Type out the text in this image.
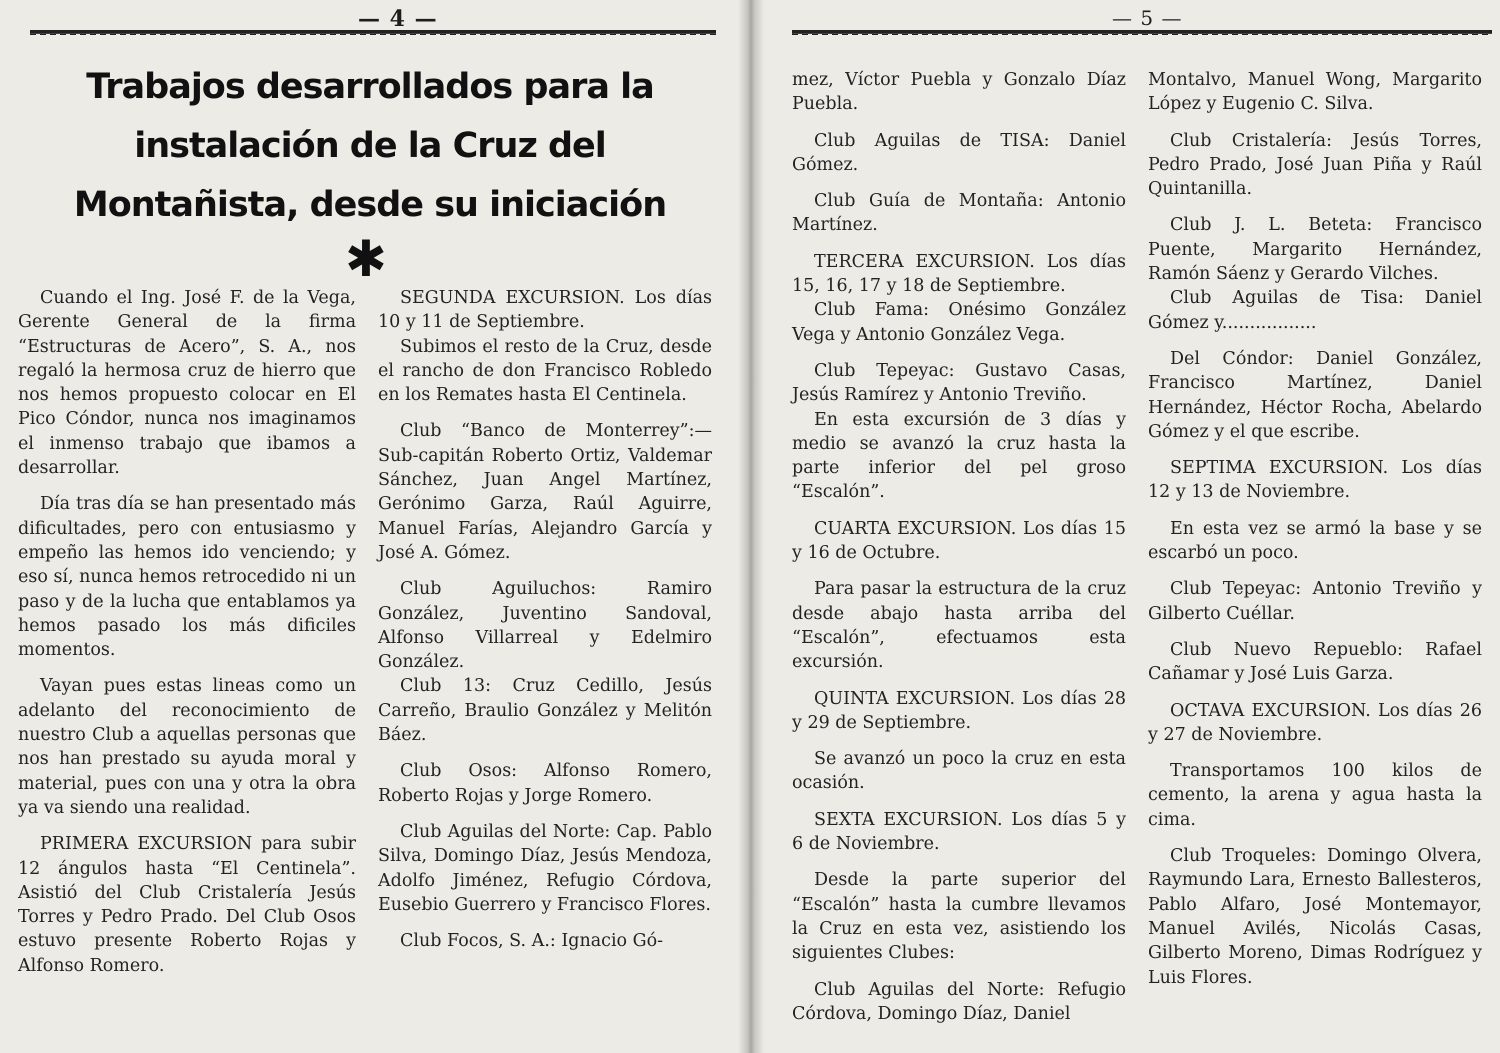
— 4 —
Trabajos desarrollados para la instalación de la Cruz del Montañista, desde su iniciación
✱

Cuando el Ing. José F. de la Vega, Gerente General de la firma “Estructuras de Acero”, S. A., nos regaló la hermosa cruz de hierro que nos hemos propuesto colocar en El Pico Cóndor, nunca nos imaginamos el inmenso trabajo que ibamos a desarrollar.

Día tras día se han presentado más dificultades, pero con entusiasmo y empeño las hemos ido venciendo; y eso sí, nunca hemos retrocedido ni un paso y de la lucha que entablamos ya hemos pasado los más dificiles momentos.

Vayan pues estas lineas como un adelanto del reconocimiento de nuestro Club a aquellas personas que nos han prestado su ayuda moral y material, pues con una y otra la obra ya va siendo una realidad.

PRIMERA EXCURSION para subir 12 ángulos hasta “El Centinela”. Asistió del Club Cristalería Jesús Torres y Pedro Prado. Del Club Osos estuvo presente Roberto Rojas y Alfonso Romero.

SEGUNDA EXCURSION. Los días 10 y 11 de Septiembre.

Subimos el resto de la Cruz, desde el rancho de don Francisco Robledo en los Remates hasta El Centinela.

Club “Banco de Monterrey”:— Sub-capitán Roberto Ortiz, Valdemar Sánchez, Juan Angel Martínez, Gerónimo Garza, Raúl Aguirre, Manuel Farías, Alejandro García y José A. Gómez.

Club Aguiluchos: Ramiro González, Juventino Sandoval, Alfonso Villarreal y Edelmiro González.

Club 13: Cruz Cedillo, Jesús Carreño, Braulio González y Melitón Báez.

Club Osos: Alfonso Romero, Roberto Rojas y Jorge Romero.

Club Aguilas del Norte: Cap. Pablo Silva, Domingo Díaz, Jesús Mendoza, Adolfo Jiménez, Refugio Córdova, Eusebio Guerrero y Francisco Flores.

Club Focos, S. A.: Ignacio Gó-

— 5 —

mez, Víctor Puebla y Gonzalo Díaz Puebla.

Club Aguilas de TISA: Daniel Gómez.

Club Guía de Montaña: Antonio Martínez.

TERCERA EXCURSION. Los días 15, 16, 17 y 18 de Septiembre.

Club Fama: Onésimo González Vega y Antonio González Vega.

Club Tepeyac: Gustavo Casas, Jesús Ramírez y Antonio Treviño.

En esta excursión de 3 días y medio se avanzó la cruz hasta la parte inferior del pel groso “Escalón”.

CUARTA EXCURSION. Los días 15 y 16 de Octubre.

Para pasar la estructura de la cruz desde abajo hasta arriba del “Escalón”, efectuamos esta excursión.

QUINTA EXCURSION. Los días 28 y 29 de Septiembre.

Se avanzó un poco la cruz en esta ocasión.

SEXTA EXCURSION. Los días 5 y 6 de Noviembre.

Desde la parte superior del “Escalón” hasta la cumbre llevamos la Cruz en esta vez, asistiendo los siguientes Clubes:

Club Aguilas del Norte: Refugio Córdova, Domingo Díaz, Daniel

Montalvo, Manuel Wong, Margarito López y Eugenio C. Silva.

Club Cristalería: Jesús Torres, Pedro Prado, José Juan Piña y Raúl Quintanilla.

Club J. L. Beteta: Francisco Puente, Margarito Hernández, Ramón Sáenz y Gerardo Vilches.

Club Aguilas de Tisa: Daniel Gómez y.................

Del Cóndor: Daniel González, Francisco Martínez, Daniel Hernández, Héctor Rocha, Abelardo Gómez y el que escribe.

SEPTIMA EXCURSION. Los días 12 y 13 de Noviembre.

En esta vez se armó la base y se escarbó un poco.

Club Tepeyac: Antonio Treviño y Gilberto Cuéllar.

Club Nuevo Repueblo: Rafael Cañamar y José Luis Garza.

OCTAVA EXCURSION. Los días 26 y 27 de Noviembre.

Transportamos 100 kilos de cemento, la arena y agua hasta la cima.

Club Troqueles: Domingo Olvera, Raymundo Lara, Ernesto Ballesteros, Pablo Alfaro, José Montemayor, Manuel Avilés, Nicolás Casas, Gilberto Moreno, Dimas Rodríguez y Luis Flores.
